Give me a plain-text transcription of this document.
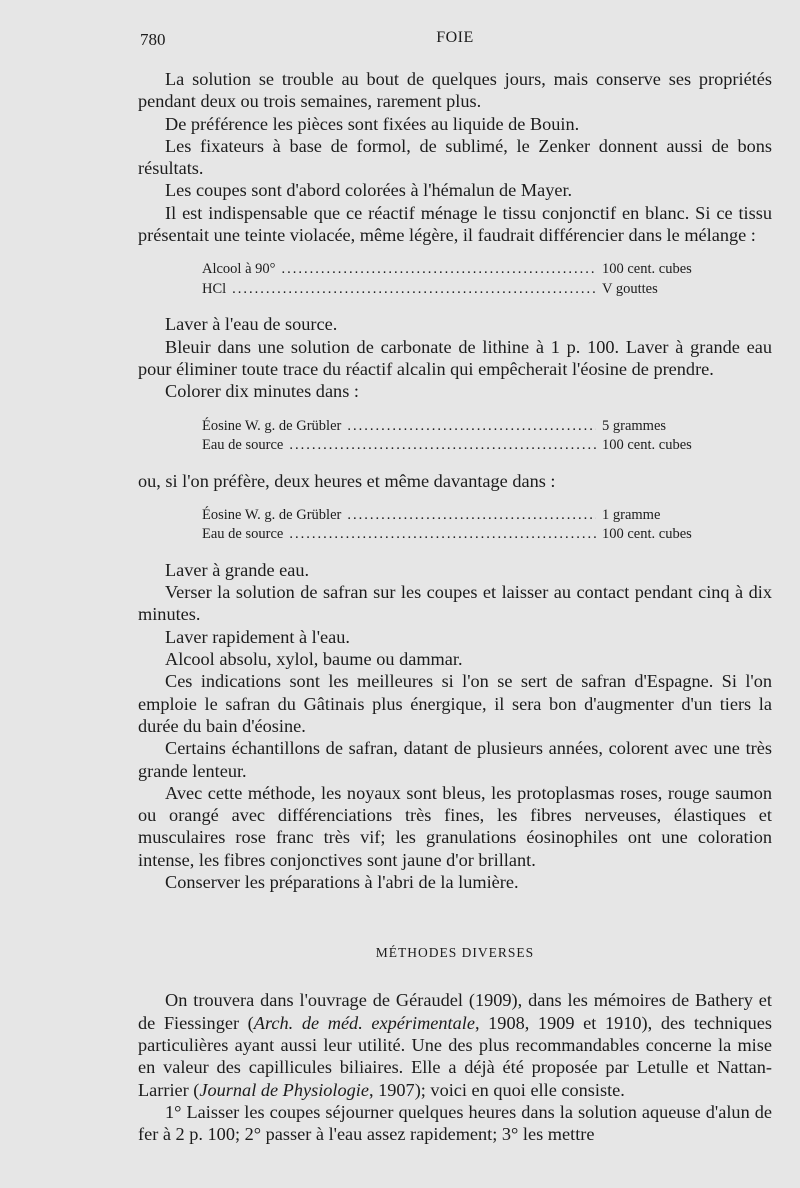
780	FOIE

La solution se trouble au bout de quelques jours, mais conserve ses propriétés pendant deux ou trois semaines, rarement plus.

De préférence les pièces sont fixées au liquide de Bouin.

Les fixateurs à base de formol, de sublimé, le Zenker donnent aussi de bons résultats.

Les coupes sont d'abord colorées à l'hémalun de Mayer.

Il est indispensable que ce réactif ménage le tissu conjonctif en blanc. Si ce tissu présentait une teinte violacée, même légère, il faudrait différencier dans le mélange :

Alcool à 90° .....	100 cent. cubes
HCl .....	V gouttes

Laver à l'eau de source.

Bleuir dans une solution de carbonate de lithine à 1 p. 100. Laver à grande eau pour éliminer toute trace du réactif alcalin qui empêcherait l'éosine de prendre.

Colorer dix minutes dans :

Éosine W. g. de Grübler .....	5 grammes
Eau de source .....	100 cent. cubes

ou, si l'on préfère, deux heures et même davantage dans :

Éosine W. g. de Grübler .....	1 gramme
Eau de source .....	100 cent. cubes

Laver à grande eau.

Verser la solution de safran sur les coupes et laisser au contact pendant cinq à dix minutes.

Laver rapidement à l'eau.

Alcool absolu, xylol, baume ou dammar.

Ces indications sont les meilleures si l'on se sert de safran d'Espagne. Si l'on emploie le safran du Gâtinais plus énergique, il sera bon d'augmenter d'un tiers la durée du bain d'éosine.

Certains échantillons de safran, datant de plusieurs années, colorent avec une très grande lenteur.

Avec cette méthode, les noyaux sont bleus, les protoplasmas roses, rouge saumon ou orangé avec différenciations très fines, les fibres nerveuses, élastiques et musculaires rose franc très vif; les granulations éosinophiles ont une coloration intense, les fibres conjonctives sont jaune d'or brillant.

Conserver les préparations à l'abri de la lumière.

MÉTHODES DIVERSES

On trouvera dans l'ouvrage de Géraudel (1909), dans les mémoires de Bathery et de Fiessinger (Arch. de méd. expérimentale, 1908, 1909 et 1910), des techniques particulières ayant aussi leur utilité. Une des plus recommandables concerne la mise en valeur des capillicules biliaires. Elle a déjà été proposée par Letulle et Nattan-Larrier (Journal de Physiologie, 1907); voici en quoi elle consiste.

1° Laisser les coupes séjourner quelques heures dans la solution aqueuse d'alun de fer à 2 p. 100; 2° passer à l'eau assez rapidement; 3° les mettre
